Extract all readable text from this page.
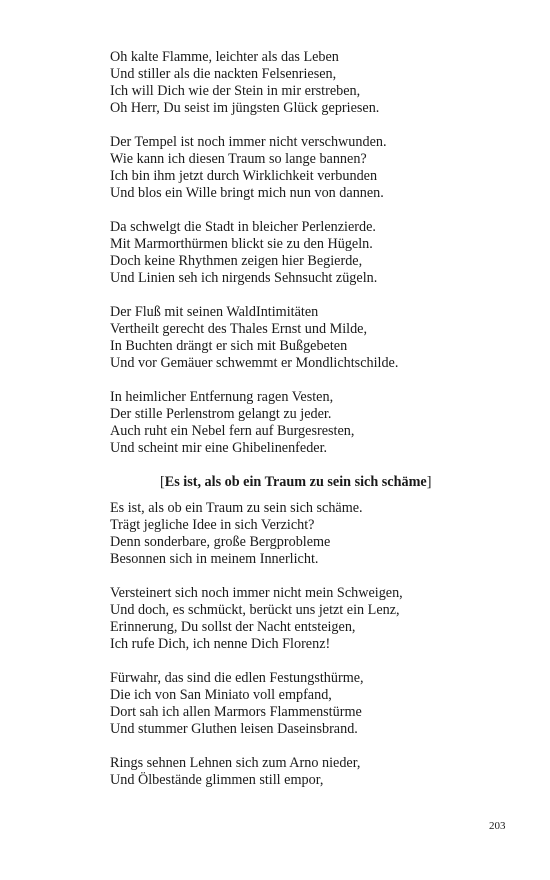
Oh kalte Flamme, leichter als das Leben
Und stiller als die nackten Felsenriesen,
Ich will Dich wie der Stein in mir erstreben,
Oh Herr, Du seist im jüngsten Glück gepriesen.
Der Tempel ist noch immer nicht verschwunden.
Wie kann ich diesen Traum so lange bannen?
Ich bin ihm jetzt durch Wirklichkeit verbunden
Und blos ein Wille bringt mich nun von dannen.
Da schwelgt die Stadt in bleicher Perlenzierde.
Mit Marmorthürmen blickt sie zu den Hügeln.
Doch keine Rhythmen zeigen hier Begierde,
Und Linien seh ich nirgends Sehnsucht zügeln.
Der Fluß mit seinen WaldIntimitäten
Vertheilt gerecht des Thales Ernst und Milde,
In Buchten drängt er sich mit Bußgebeten
Und vor Gemäuer schwemmt er Mondlichtschilde.
In heimlicher Entfernung ragen Vesten,
Der stille Perlenstrom gelangt zu jeder.
Auch ruht ein Nebel fern auf Burgesresten,
Und scheint mir eine Ghibelinenfeder.
[Es ist, als ob ein Traum zu sein sich schäme]
Es ist, als ob ein Traum zu sein sich schäme.
Trägt jegliche Idee in sich Verzicht?
Denn sonderbare, große Bergprobleme
Besonnen sich in meinem Innerlicht.
Versteinert sich noch immer nicht mein Schweigen,
Und doch, es schmückt, berückt uns jetzt ein Lenz,
Erinnerung, Du sollst der Nacht entsteigen,
Ich rufe Dich, ich nenne Dich Florenz!
Fürwahr, das sind die edlen Festungsthürme,
Die ich von San Miniato voll empfand,
Dort sah ich allen Marmors Flammenstürme
Und stummer Gluthen leisen Daseinsbrand.
Rings sehnen Lehnen sich zum Arno nieder,
Und Ölbestände glimmen still empor,
203
